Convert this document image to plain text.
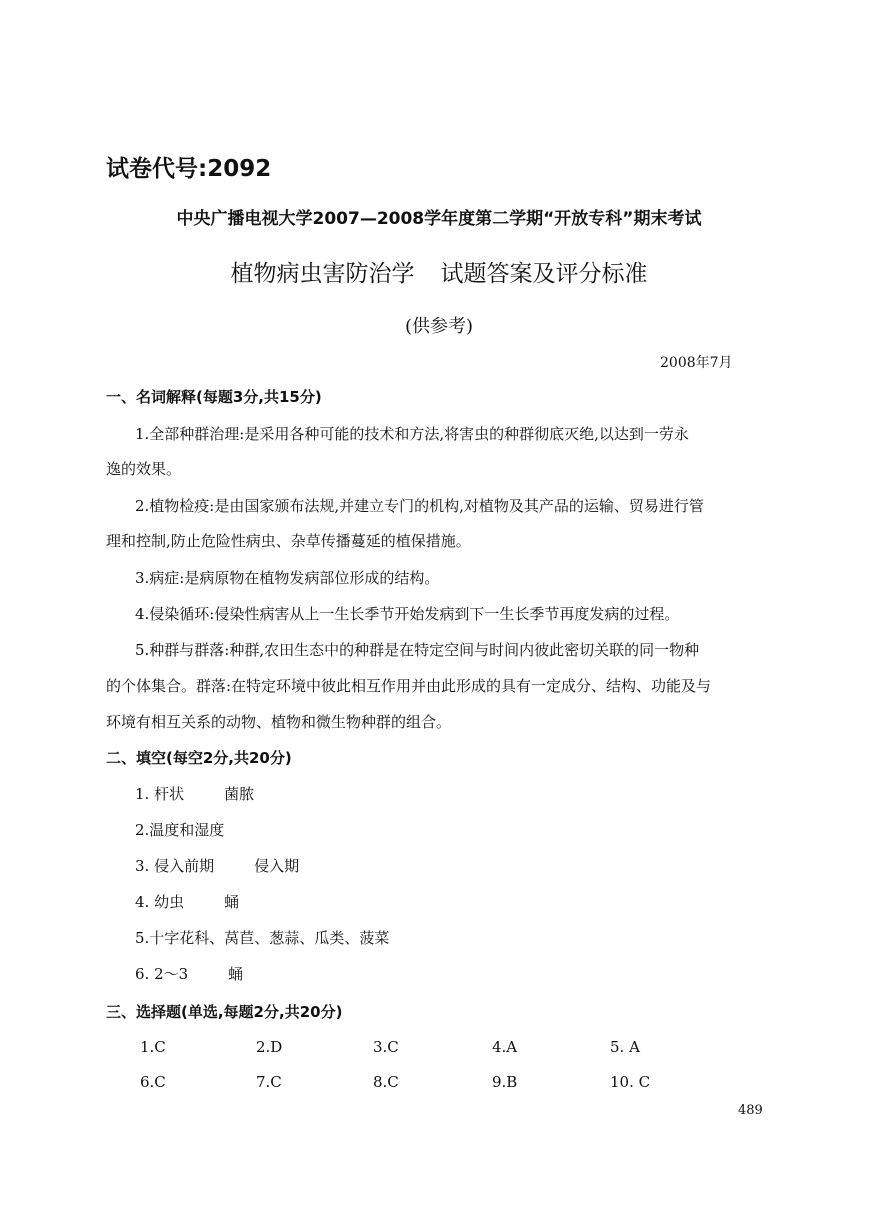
试卷代号:2092
中央广播电视大学2007—2008学年度第二学期“开放专科”期末考试
植物病虫害防治学 试题答案及评分标准
(供参考)
2008年7月
一、名词解释(每题3分,共15分)
1.全部种群治理:是采用各种可能的技术和方法,将害虫的种群彻底灭绝,以达到一劳永
逸的效果。
2.植物检疫:是由国家颁布法规,并建立专门的机构,对植物及其产品的运输、贸易进行管
理和控制,防止危险性病虫、杂草传播蔓延的植保措施。
3.病症:是病原物在植物发病部位形成的结构。
4.侵染循环:侵染性病害从上一生长季节开始发病到下一生长季节再度发病的过程。
5.种群与群落:种群,农田生态中的种群是在特定空间与时间内彼此密切关联的同一物种
的个体集合。群落:在特定环境中彼此相互作用并由此形成的具有一定成分、结构、功能及与
环境有相互关系的动物、植物和微生物种群的组合。
二、填空(每空2分,共20分)
1. 杆状	菌脓
2.温度和湿度
3. 侵入前期	侵入期
4. 幼虫	蛹
5.十字花科、莴苣、葱蒜、瓜类、菠菜
6. 2～3	蛹
三、选择题(单选,每题2分,共20分)
1.C	2.D	3.C	4.A	5. A
6.C	7.C	8.C	9.B	10. C
489
